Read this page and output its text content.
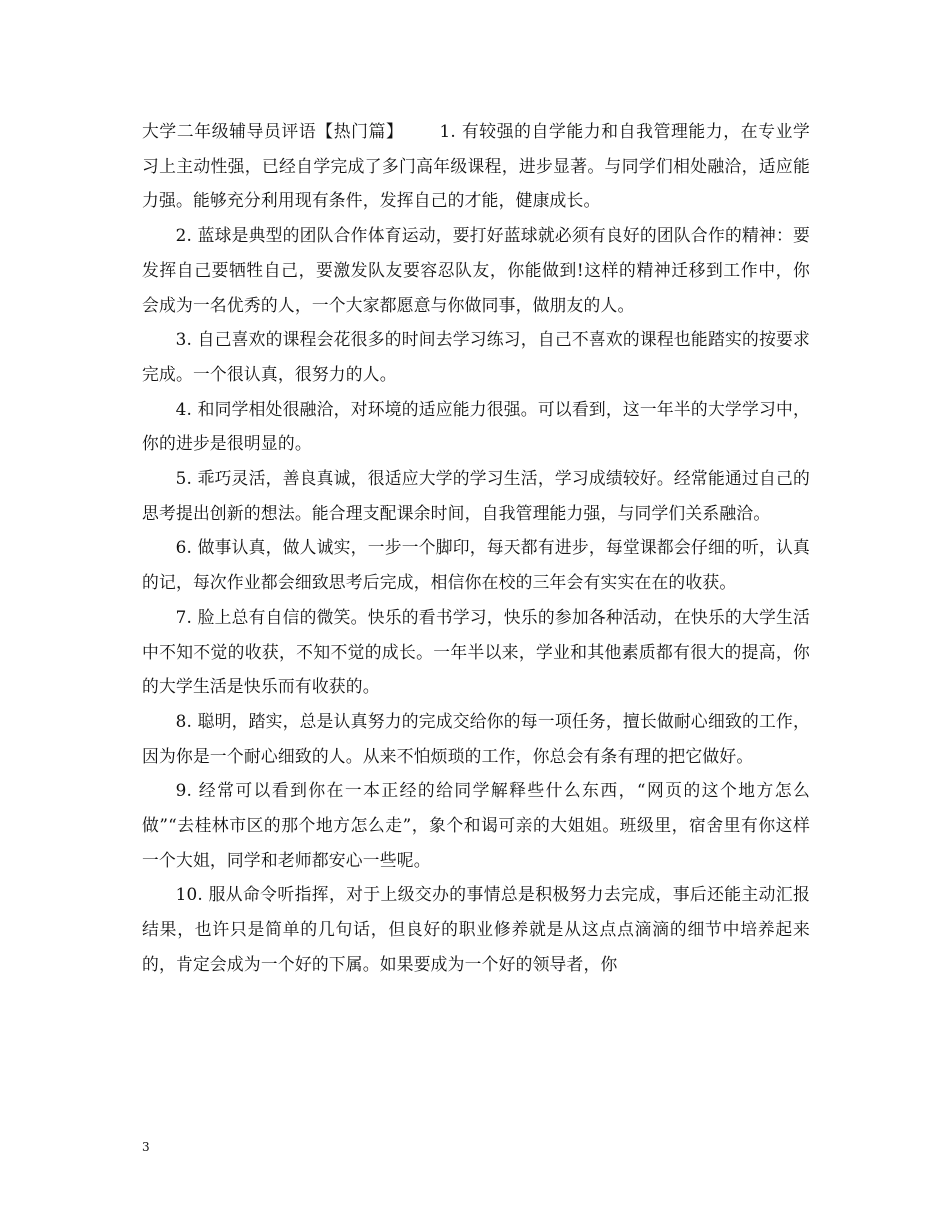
大学二年级辅导员评语【热门篇】 1. 有较强的自学能力和自我管理能力，在专业学习上主动性强，已经自学完成了多门高年级课程，进步显著。与同学们相处融洽，适应能力强。能够充分利用现有条件，发挥自己的才能，健康成长。

2. 蓝球是典型的团队合作体育运动，要打好蓝球就必须有良好的团队合作的精神：要发挥自己要牺牲自己，要激发队友要容忍队友，你能做到!这样的精神迁移到工作中，你会成为一名优秀的人，一个大家都愿意与你做同事，做朋友的人。

3. 自己喜欢的课程会花很多的时间去学习练习，自己不喜欢的课程也能踏实的按要求完成。一个很认真，很努力的人。

4. 和同学相处很融洽，对环境的适应能力很强。可以看到，这一年半的大学学习中，你的进步是很明显的。

5. 乖巧灵活，善良真诚，很适应大学的学习生活，学习成绩较好。经常能通过自己的思考提出创新的想法。能合理支配课余时间，自我管理能力强，与同学们关系融洽。

6. 做事认真，做人诚实，一步一个脚印，每天都有进步，每堂课都会仔细的听，认真的记，每次作业都会细致思考后完成，相信你在校的三年会有实实在在的收获。

7. 脸上总有自信的微笑。快乐的看书学习，快乐的参加各种活动，在快乐的大学生活中不知不觉的收获，不知不觉的成长。一年半以来，学业和其他素质都有很大的提高，你的大学生活是快乐而有收获的。

8. 聪明，踏实，总是认真努力的完成交给你的每一项任务，擅长做耐心细致的工作，因为你是一个耐心细致的人。从来不怕烦琐的工作，你总会有条有理的把它做好。

9. 经常可以看到你在一本正经的给同学解释些什么东西，“网页的这个地方怎么做”“去桂林市区的那个地方怎么走”，象个和谒可亲的大姐姐。班级里，宿舍里有你这样一个大姐，同学和老师都安心一些呢。

10. 服从命令听指挥，对于上级交办的事情总是积极努力去完成，事后还能主动汇报结果，也许只是简单的几句话，但良好的职业修养就是从这点点滴滴的细节中培养起来的，肯定会成为一个好的下属。如果要成为一个好的领导者，你

3
